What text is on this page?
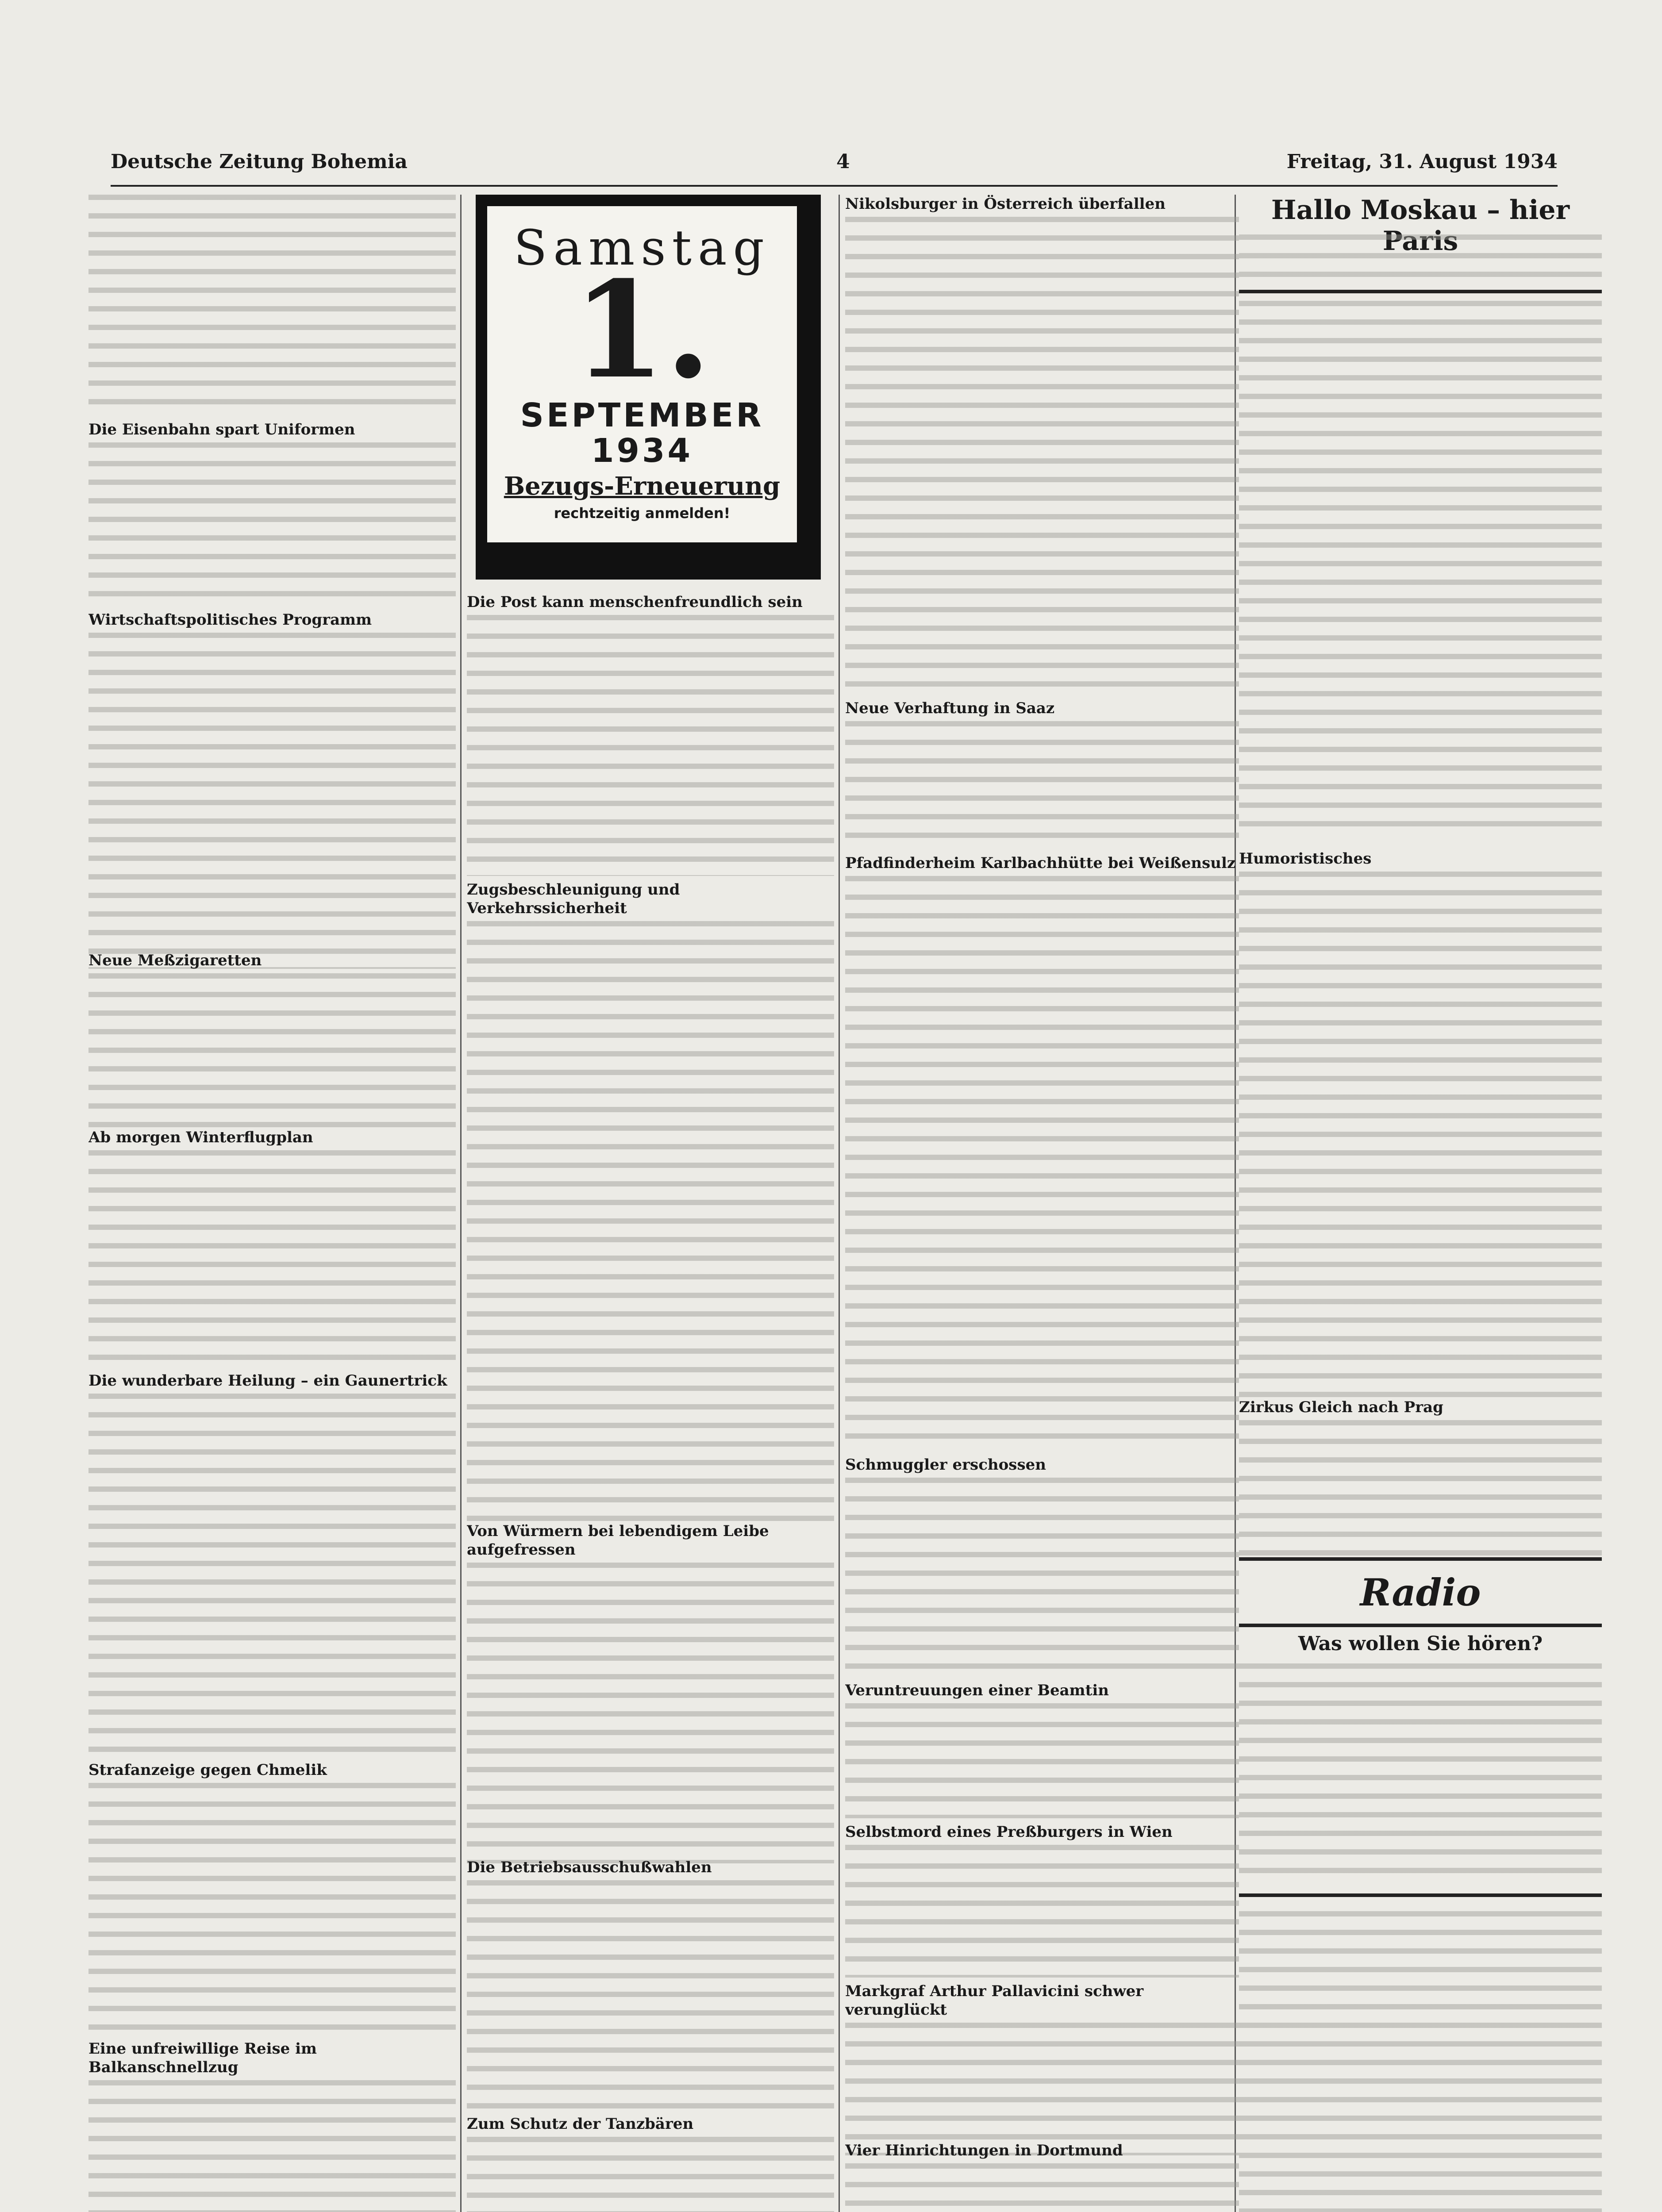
Deutsche Zeitung Bohemia	4	Freitag, 31. August 1934
Die Eisenbahn spart Uniformen
Wirtschaftspolitisches Programm
Neue Meßzigaretten
Ab morgen Winterflugplan
Die wunderbare Heilung – ein Gaunertrick
Strafanzeige gegen Chmelik
Eine unfreiwillige Reise im Balkanschnellzug
Samstag
1.
SEPTEMBER
1934
Bezugs-Erneuerung
rechtzeitig anmelden!
Die Post kann menschenfreundlich sein
Zugsbeschleunigung und Verkehrssicherheit
Von Würmern bei lebendigem Leibe aufgefressen
Die Betriebsausschußwahlen
Zum Schutz der Tanzbären
Nikolsburger in Österreich überfallen
Neue Verhaftung in Saaz
Pfadfinderheim Karlbachhütte bei Weißensulz
Schmuggler erschossen
Veruntreuungen einer Beamtin
Selbstmord eines Preßburgers in Wien
Markgraf Arthur Pallavicini schwer verunglückt
Vier Hinrichtungen in Dortmund
Hallo Moskau – hier Paris
Humoristisches
Zirkus Gleich nach Prag
Radio
Was wollen Sie hören?
